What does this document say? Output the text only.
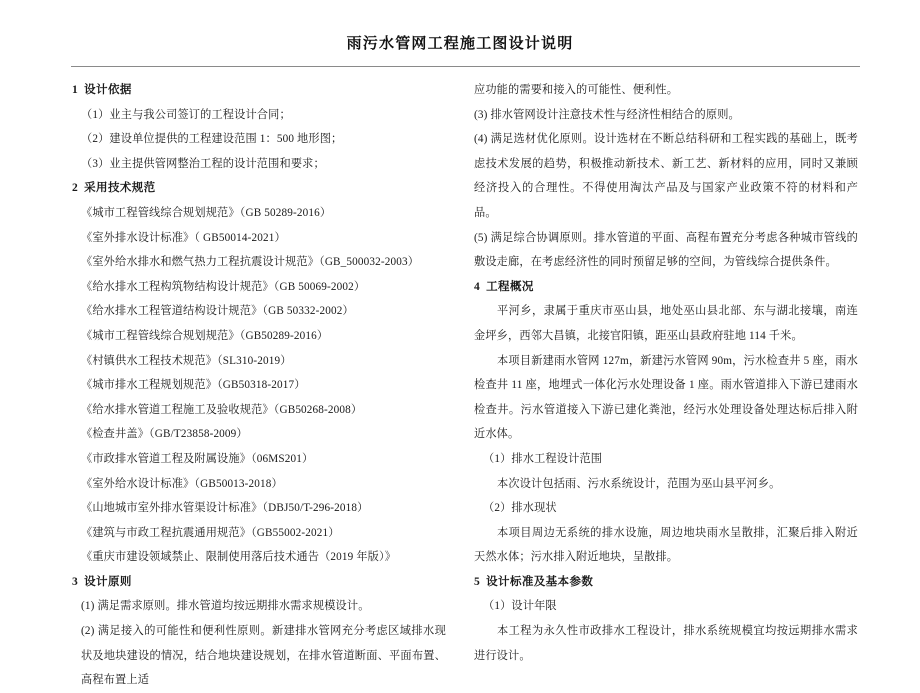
雨污水管网工程施工图设计说明

1 设计依据

（1）业主与我公司签订的工程设计合同；

（2）建设单位提供的工程建设范围 1：500 地形图；

（3）业主提供管网整治工程的设计范围和要求；

2 采用技术规范

《城市工程管线综合规划规范》（GB 50289-2016）

《室外排水设计标准》（ GB50014-2021）

《室外给水排水和燃气热力工程抗震设计规范》（GB_500032-2003）

《给水排水工程构筑物结构设计规范》（GB 50069-2002）

《给水排水工程管道结构设计规范》（GB 50332-2002）

《城市工程管线综合规划规范》（GB50289-2016）

《村镇供水工程技术规范》（SL310-2019）

《城市排水工程规划规范》（GB50318-2017）

《给水排水管道工程施工及验收规范》（GB50268-2008）

《检查井盖》（GB/T23858-2009）

《市政排水管道工程及附属设施》（06MS201）

《室外给水设计标准》（GB50013-2018）

《山地城市室外排水管渠设计标准》（DBJ50/T-296-2018）

《建筑与市政工程抗震通用规范》（GB55002-2021）

《重庆市建设领域禁止、限制使用落后技术通告（2019 年版）》

3 设计原则

(1) 满足需求原则。排水管道均按远期排水需求规模设计。

(2) 满足接入的可能性和便利性原则。新建排水管网充分考虑区域排水现状及地块建设的情况，结合地块建设规划，在排水管道断面、平面布置、高程布置上适

应功能的需要和接入的可能性、便利性。

(3) 排水管网设计注意技术性与经济性相结合的原则。

(4) 满足选材优化原则。设计选材在不断总结科研和工程实践的基础上，既考虑技术发展的趋势，积极推动新技术、新工艺、新材料的应用，同时又兼顾经济投入的合理性。不得使用淘汰产品及与国家产业政策不符的材料和产品。

(5) 满足综合协调原则。排水管道的平面、高程布置充分考虑各种城市管线的敷设走廊，在考虑经济性的同时预留足够的空间，为管线综合提供条件。

4 工程概况

平河乡，隶属于重庆市巫山县，地处巫山县北部、东与湖北接壤，南连金坪乡，西邻大昌镇，北接官阳镇，距巫山县政府驻地 114 千米。

本项目新建雨水管网 127m，新建污水管网 90m，污水检查井 5 座，雨水检查井 11 座，地埋式一体化污水处理设备 1 座。雨水管道排入下游已建雨水检查井。污水管道接入下游已建化粪池，经污水处理设备处理达标后排入附近水体。

（1）排水工程设计范围

本次设计包括雨、污水系统设计，范围为巫山县平河乡。

（2）排水现状

本项目周边无系统的排水设施，周边地块雨水呈散排，汇聚后排入附近天然水体；污水排入附近地块，呈散排。

5 设计标准及基本参数

（1）设计年限

本工程为永久性市政排水工程设计，排水系统规模宜均按远期排水需求进行设计。
